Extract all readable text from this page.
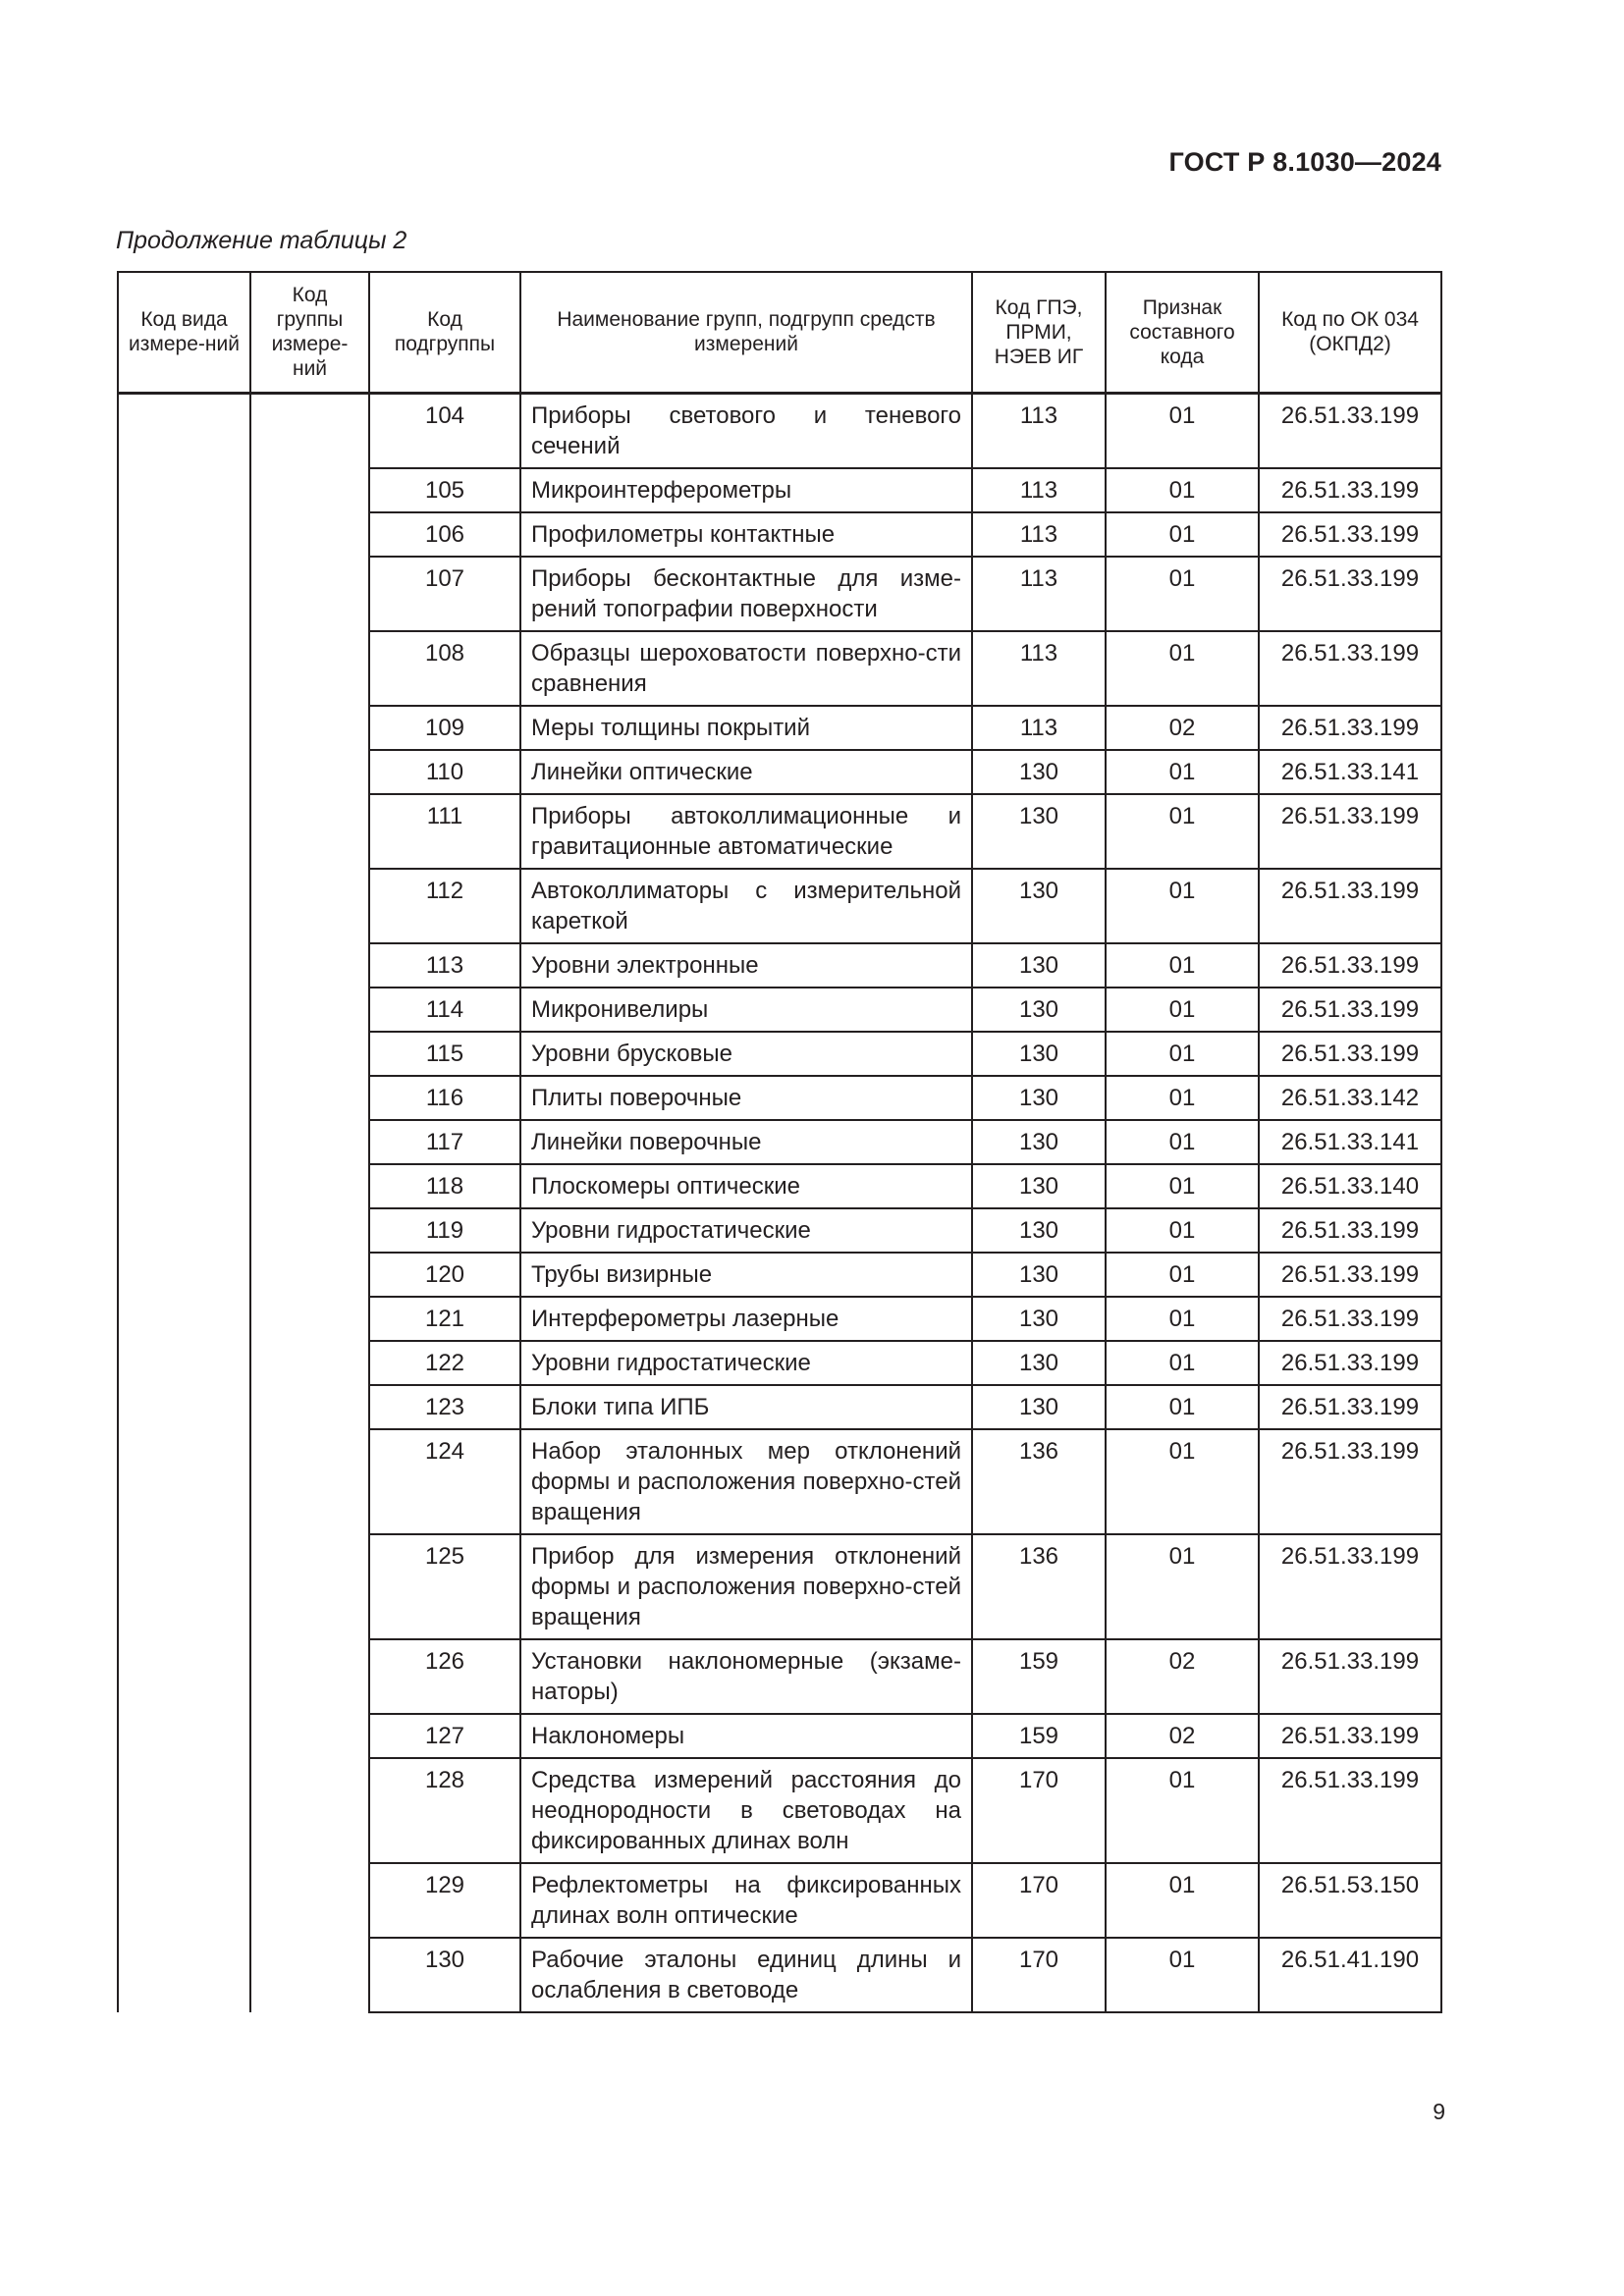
ГОСТ Р 8.1030—2024
Продолжение таблицы 2
Код вида измере-ний	Код группы измере-ний	Код подгруппы	Наименование групп, подгрупп средств измерений	Код ГПЭ, ПРМИ, НЭЕВ ИГ	Признак составного кода	Код по ОК 034 (ОКПД2)
		104	Приборы светового и теневого сечений	113	01	26.51.33.199
		105	Микроинтерферометры	113	01	26.51.33.199
		106	Профилометры контактные	113	01	26.51.33.199
		107	Приборы бесконтактные для изме-рений топографии поверхности	113	01	26.51.33.199
		108	Образцы шероховатости поверхно-сти сравнения	113	01	26.51.33.199
		109	Меры толщины покрытий	113	02	26.51.33.199
		110	Линейки оптические	130	01	26.51.33.141
		111	Приборы автоколлимационные и гравитационные автоматические	130	01	26.51.33.199
		112	Автоколлиматоры с измерительной кареткой	130	01	26.51.33.199
		113	Уровни электронные	130	01	26.51.33.199
		114	Микронивелиры	130	01	26.51.33.199
		115	Уровни брусковые	130	01	26.51.33.199
		116	Плиты поверочные	130	01	26.51.33.142
		117	Линейки поверочные	130	01	26.51.33.141
		118	Плоскомеры оптические	130	01	26.51.33.140
		119	Уровни гидростатические	130	01	26.51.33.199
		120	Трубы визирные	130	01	26.51.33.199
		121	Интерферометры лазерные	130	01	26.51.33.199
		122	Уровни гидростатические	130	01	26.51.33.199
		123	Блоки типа ИПБ	130	01	26.51.33.199
		124	Набор эталонных мер отклонений формы и расположения поверхно-стей вращения	136	01	26.51.33.199
		125	Прибор для измерения отклонений формы и расположения поверхно-стей вращения	136	01	26.51.33.199
		126	Установки наклономерные (экзаме-наторы)	159	02	26.51.33.199
		127	Наклономеры	159	02	26.51.33.199
		128	Средства измерений расстояния до неоднородности в световодах на фиксированных длинах волн	170	01	26.51.33.199
		129	Рефлектометры на фиксированных длинах волн оптические	170	01	26.51.53.150
		130	Рабочие эталоны единиц длины и ослабления в световоде	170	01	26.51.41.190
9
